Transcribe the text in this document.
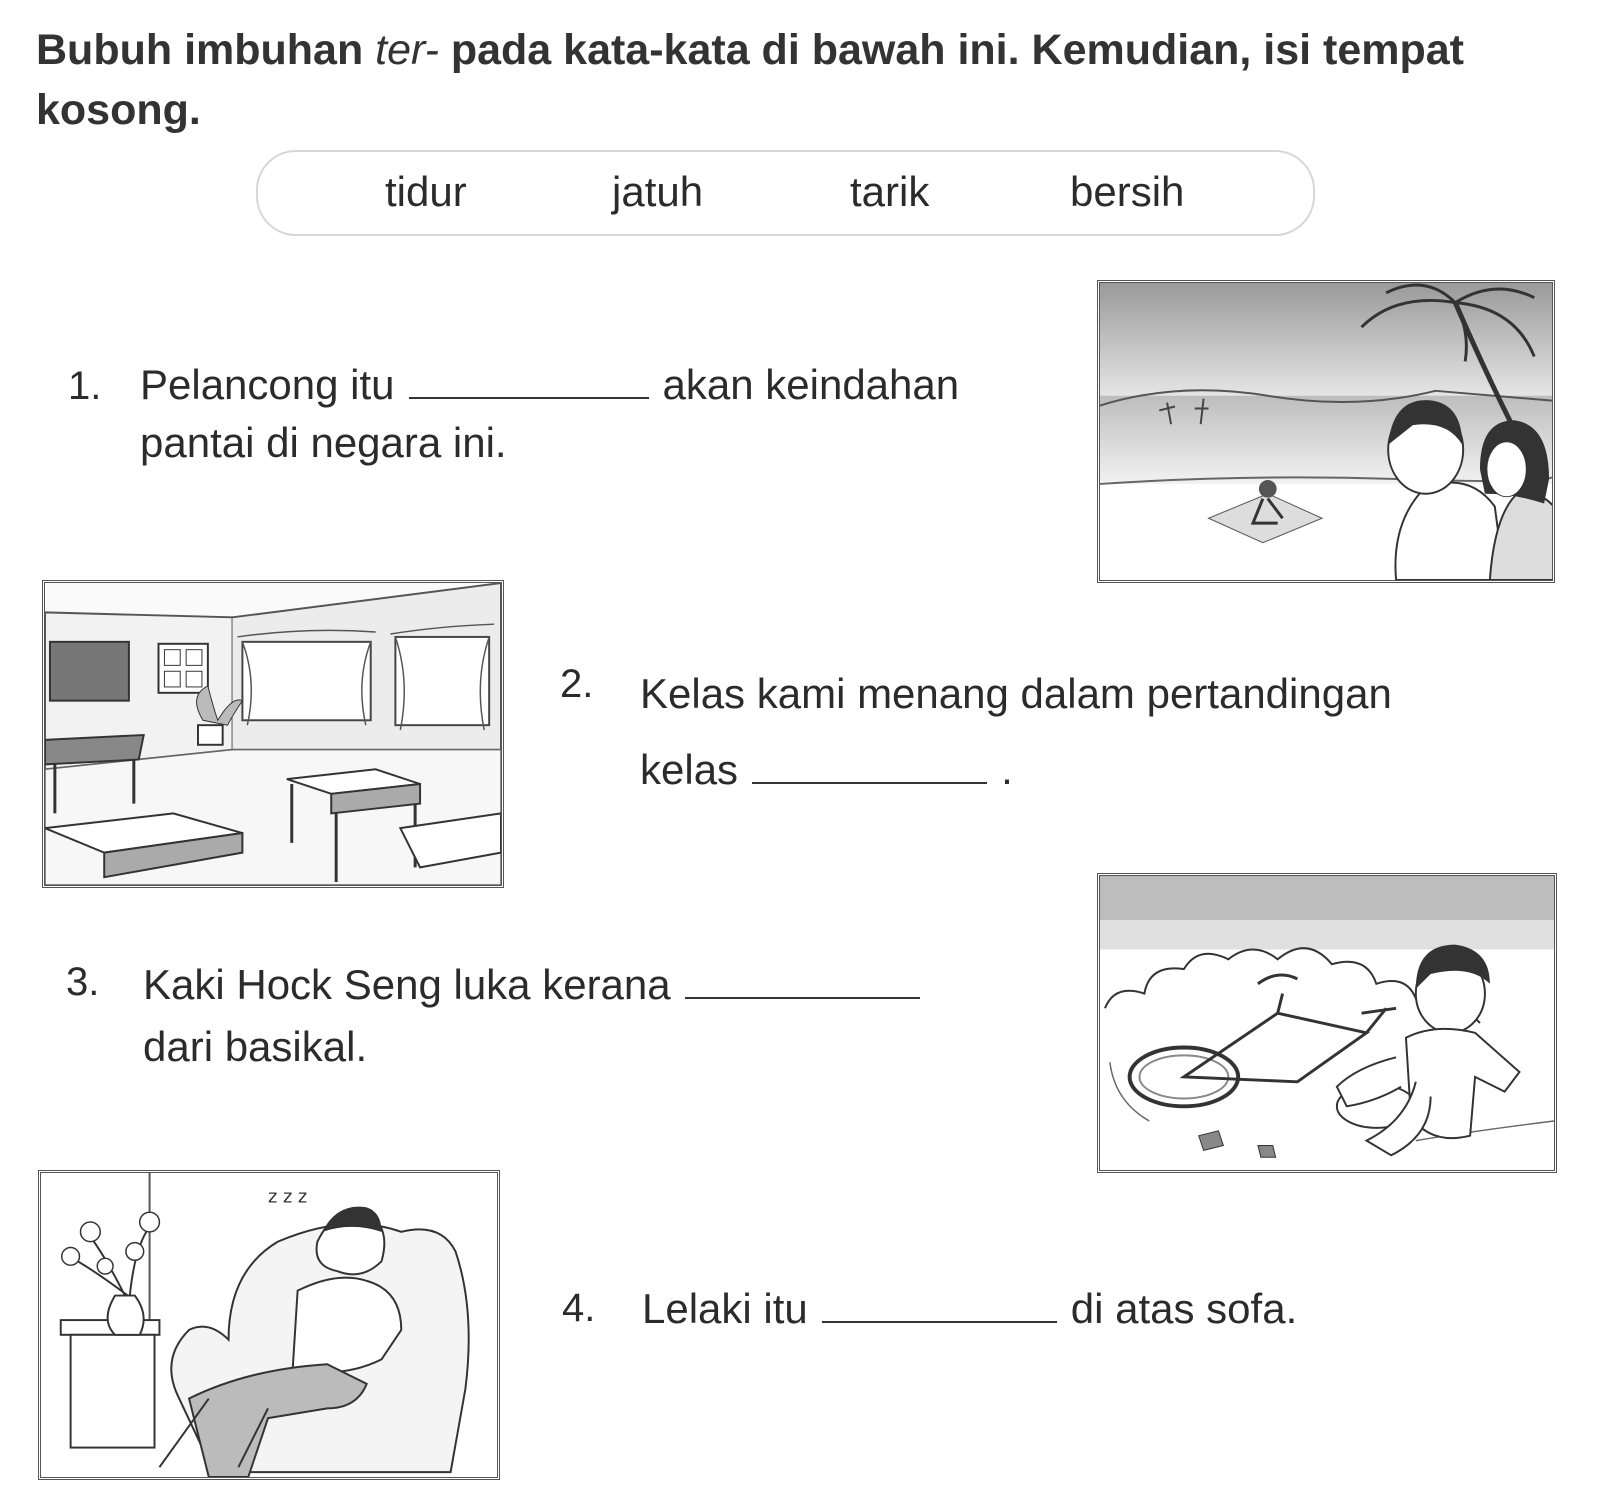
Bubuh imbuhan ter- pada kata-kata di bawah ini. Kemudian, isi tempat kosong.
tidur	jatuh	tarik	bersih
1. Pelancong itu	akan keindahan
pantai di negara ini.
2. Kelas kami menang dalam pertandingan
kelas	.
3. Kaki Hock Seng luka kerana
dari basikal.
z z z
4. Lelaki itu	di atas sofa.
